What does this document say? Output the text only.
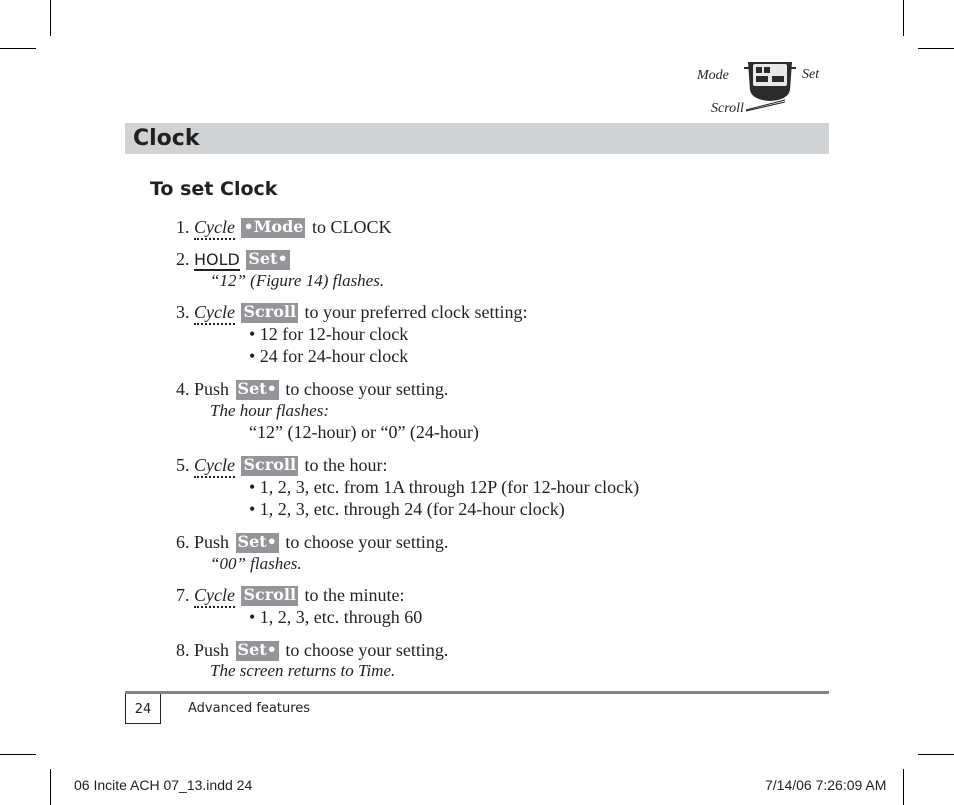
Mode	Set
Scroll
Clock
To set Clock
1. Cycle •Mode to CLOCK
2. HOLD Set•
“12” (Figure 14) flashes.
3. Cycle Scroll to your preferred clock setting:
• 12 for 12-hour clock
• 24 for 24-hour clock
4. Push Set• to choose your setting.
The hour flashes:
“12” (12-hour) or “0” (24-hour)
5. Cycle Scroll to the hour:
• 1, 2, 3, etc. from 1A through 12P (for 12-hour clock)
• 1, 2, 3, etc. through 24 (for 24-hour clock)
6. Push Set• to choose your setting.
“00” flashes.
7. Cycle Scroll to the minute:
• 1, 2, 3, etc. through 60
8. Push Set• to choose your setting.
The screen returns to Time.
24	Advanced features
06 Incite ACH 07_13.indd 24	7/14/06 7:26:09 AM
